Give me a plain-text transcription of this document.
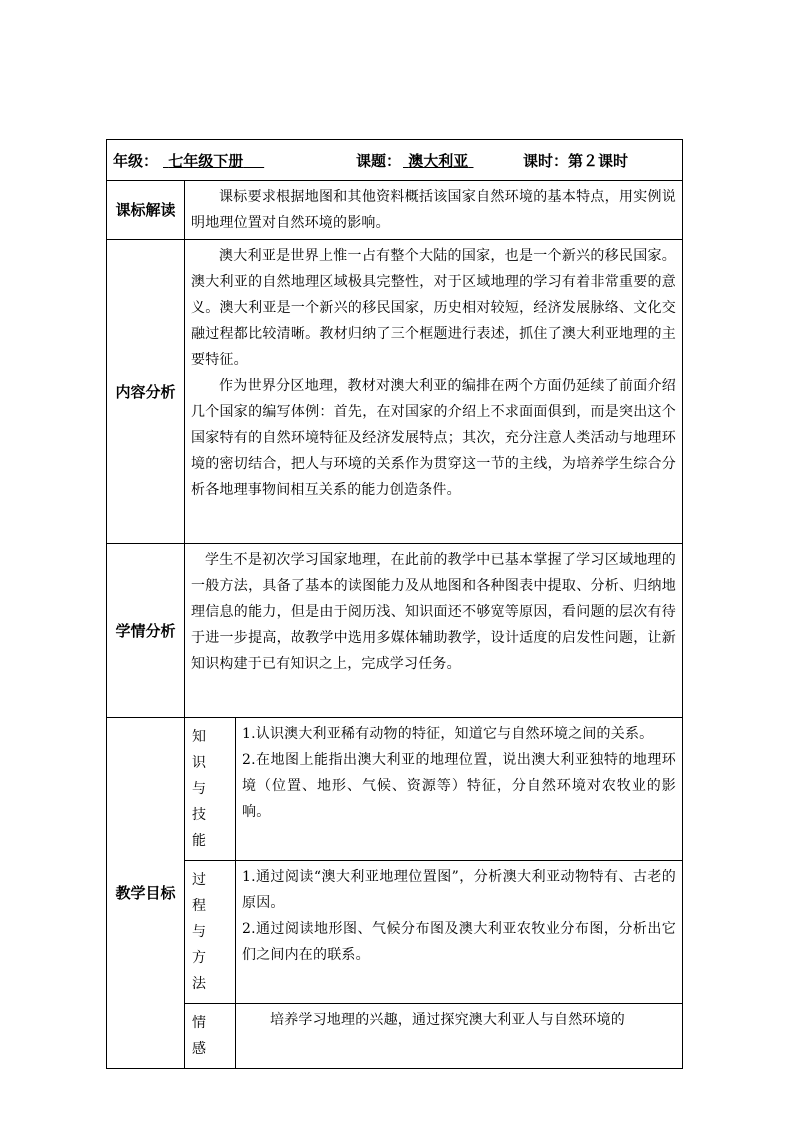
年级： 七年级下册 课题： 澳大利亚 课时：第２课时		

课标解读	课标要求根据地图和其他资料概括该国家自然环境的基本特点，用实例说明地理位置对自然环境的影响。	
内容分析	澳大利亚是世界上惟一占有整个大陆的国家，也是一个新兴的移民国家。澳大利亚的自然地理区域极具完整性，对于区域地理的学习有着非常重要的意义。澳大利亚是一个新兴的移民国家，历史相对较短，经济发展脉络、文化交融过程都比较清晰。教材归纳了三个框题进行表述，抓住了澳大利亚地理的主要特征。
作为世界分区地理，教材对澳大利亚的编排在两个方面仍延续了前面介绍几个国家的编写体例：首先，在对国家的介绍上不求面面俱到，而是突出这个国家特有的自然环境特征及经济发展特点；其次，充分注意人类活动与地理环境的密切结合，把人与环境的关系作为贯穿这一节的主线，为培养学生综合分析各地理事物间相互关系的能力创造条件。	

学情分析	学生不是初次学习国家地理，在此前的教学中已基本掌握了学习区域地理的一般方法，具备了基本的读图能力及从地图和各种图表中提取、分析、归纳地理信息的能力，但是由于阅历浅、知识面还不够宽等原因，看问题的层次有待于进一步提高，故教学中选用多媒体辅助教学，设计适度的启发性问题，让新知识构建于已有知识之上，完成学习任务。	
教学目标	知识与技能	1.认识澳大利亚稀有动物的特征，知道它与自然环境之间的关系。
2.在地图上能指出澳大利亚的地理位置，说出澳大利亚独特的地理环境（位置、地形、气候、资源等）特征，分自然环境对农牧业的影响。

	过程与方法	1.通过阅读“澳大利亚地理位置图”，分析澳大利亚动物特有、古老的原因。
2.通过阅读地形图、气候分布图及澳大利亚农牧业分布图，分析出它们之间内在的联系。

	情感	培养学习地理的兴趣，通过探究澳大利亚人与自然环境的
